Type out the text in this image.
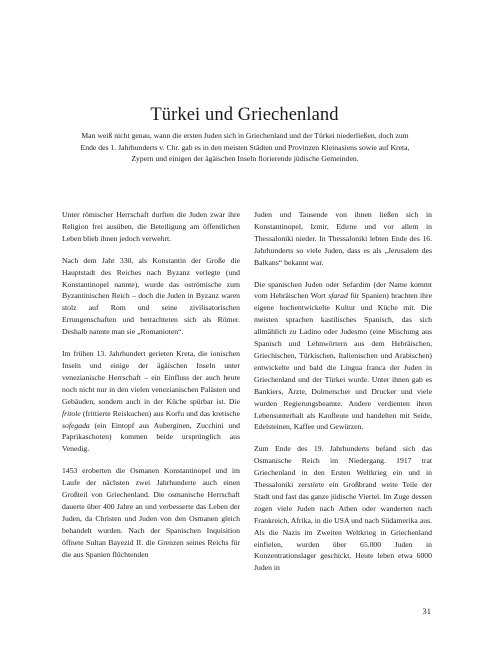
Türkei und Griechenland
Man weiß nicht genau, wann die ersten Juden sich in Griechenland und der Türkei niederließen, doch zum Ende des 1. Jahrhunderts v. Chr. gab es in den meisten Städten und Provinzen Kleinasiens sowie auf Kreta, Zypern und einigen der ägäischen Inseln florierende jüdische Gemeinden.

Unter römischer Herrschaft durften die Juden zwar ihre Religion frei ausüben, die Beteiligung am öffentlichen Leben blieb ihnen jedoch verwehrt.

Nach dem Jahr 330, als Konstantin der Große die Hauptstadt des Reiches nach Byzanz verlegte (und Konstantinopel nannte), wurde das oströmische zum Byzantinischen Reich – doch die Juden in Byzanz waren stolz auf Rom und seine zivilisatorischen Errungenschaften und betrachteten sich als Römer. Deshalb nannte man sie „Romanioten“.

Im frühen 13. Jahrhundert gerieten Kreta, die ionischen Inseln und einige der ägäischen Inseln unter venezianische Herrschaft – ein Einfluss der auch heute noch nicht nur in den vielen venezianischen Palästen und Gebäuden, sondern auch in der Küche spürbar ist. Die fritole (frittierte Reiskuchen) aus Korfu und das kretische sofegada (ein Eintopf aus Auberginen, Zucchini und Paprikaschoten) kommen beide ursprünglich aus Venedig.

1453 eroberten die Osmanen Konstantinopel und im Laufe der nächsten zwei Jahrhunderte auch einen Großteil von Griechenland. Die osmanische Herrschaft dauerte über 400 Jahre an und verbesserte das Leben der Juden, da Christen und Juden von den Osmanen gleich behandelt wurden. Nach der Spanischen Inquisition öffnete Sultan Bayezid II. die Grenzen seines Reichs für die aus Spanien flüchtenden

Juden und Tausende von ihnen ließen sich in Konstantinopel, Izmir, Edirne und vor allem in Thessaloniki nieder. In Thessaloniki lebten Ende des 16. Jahrhunderts so viele Juden, dass es als „Jerusalem des Balkans“ bekannt war.

Die spanischen Juden oder Sefardim (der Name kommt vom Hebräischen Wort sfarad für Spanien) brachten ihre eigene hochentwickelte Kultur und Küche mit. Die meisten sprachen kastilisches Spanisch, das sich allmählich zu Ladino oder Judesmo (eine Mischung aus Spanisch und Lehnwörtern aus dem Hebräischen, Griechischen, Türkischen, Italienischen und Arabischen) entwickelte und bald die Lingua franca der Juden in Griechenland und der Türkei wurde. Unter ihnen gab es Bankiers, Ärzte, Dolmetscher und Drucker und viele wurden Regierungsbeamte. Andere verdienten ihren Lebensunterhalt als Kaufleute und handelten mit Seide, Edelsteinen, Kaffee und Gewürzen.

Zum Ende des 19. Jahrhunderts befand sich das Osmanische Reich im Niedergang. 1917 trat Griechenland in den Ersten Weltkrieg ein und in Thessaloniki zerstörte ein Großbrand weite Teile der Stadt und fast das ganze jüdische Viertel. Im Zuge dessen zogen viele Juden nach Athen oder wanderten nach Frankreich, Afrika, in die USA und nach Südamerika aus. Als die Nazis im Zweiten Weltkrieg in Griechenland einfielen, wurden über 65.000 Juden in Konzentrationslager geschickt. Heute leben etwa 6000 Juden in

31
